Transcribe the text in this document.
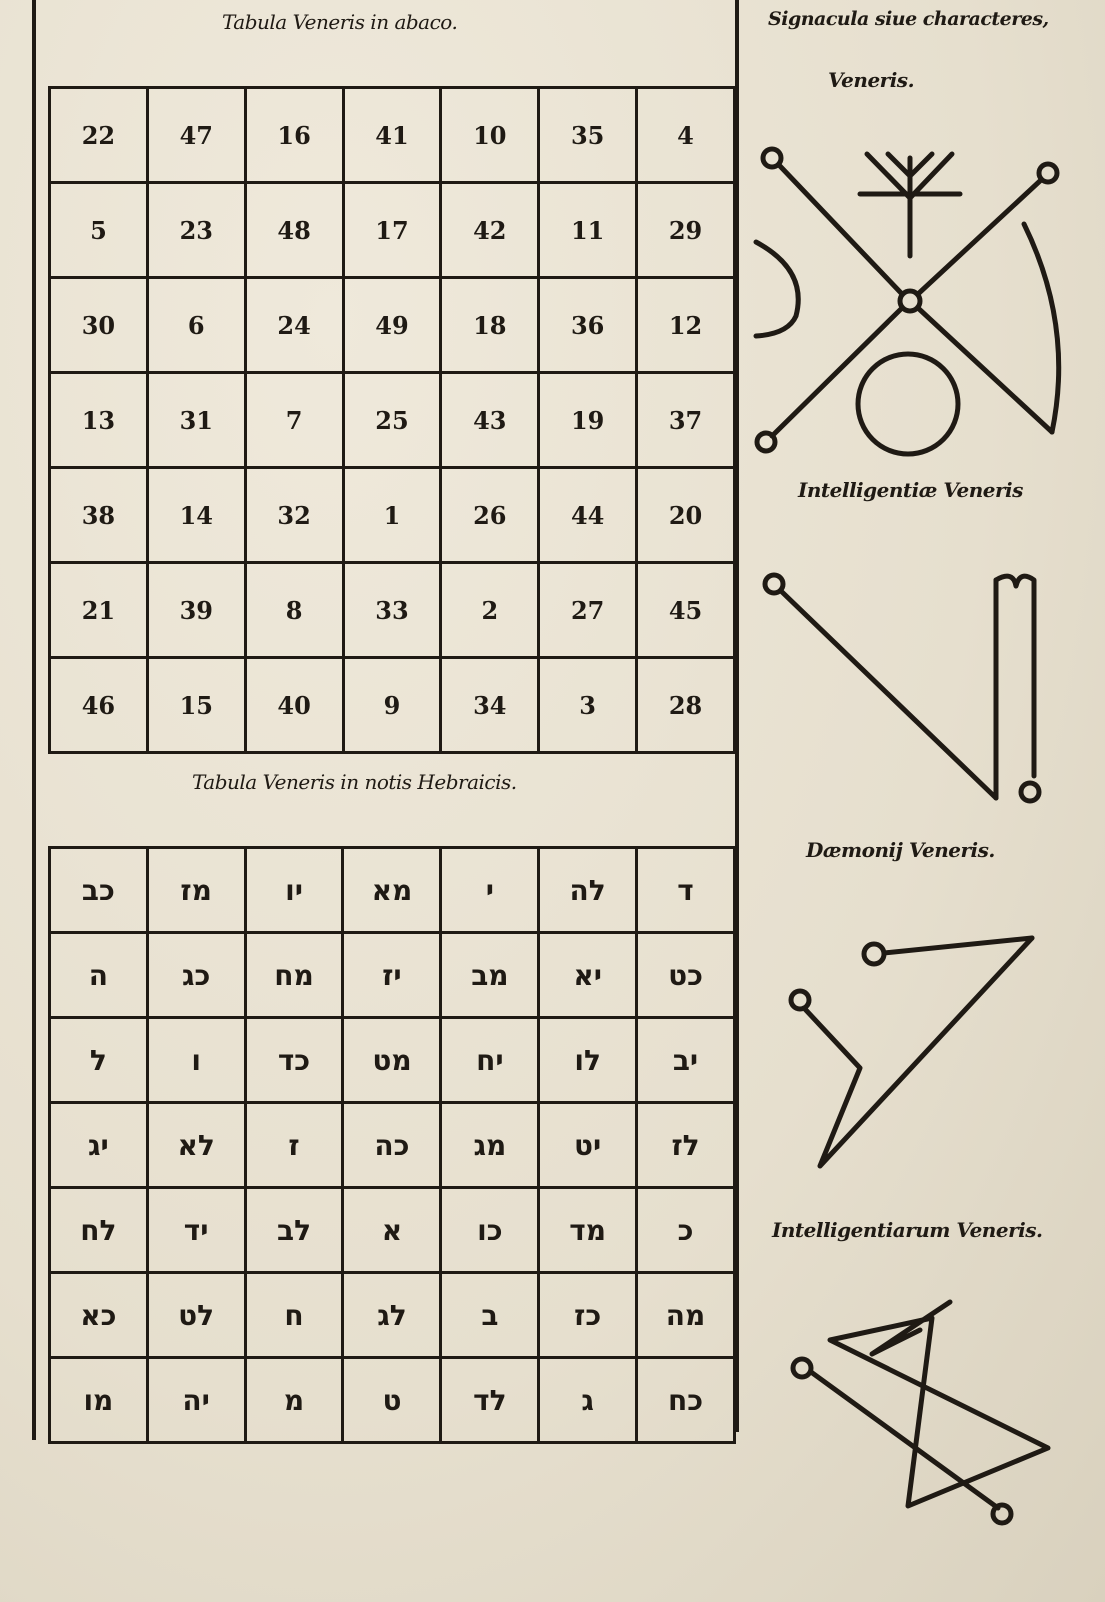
Tabula Veneris in abaco.
22	47	16	41	10	35	4
5	23	48	17	42	11	29
30	6	24	49	18	36	12
13	31	7	25	43	19	37
38	14	32	1	26	44	20
21	39	8	33	2	27	45
46	15	40	9	34	3	28
Tabula Veneris in notis Hebraicis.
כב	מז	יו	מא	י	לה	ד
ה	כג	מח	יז	מב	יא	כט
ל	ו	כד	מט	יח	לו	יב
יג	לא	ז	כה	מג	יט	לז
לח	יד	לב	א	כו	מד	כ
כא	לט	ח	לג	ב	כז	מה
מו	יה	מ	ט	לד	ג	כח
Signacula siue characteres,
Veneris.
Intelligentiæ Veneris
Dæmonij Veneris.
Intelligentiarum Veneris.
